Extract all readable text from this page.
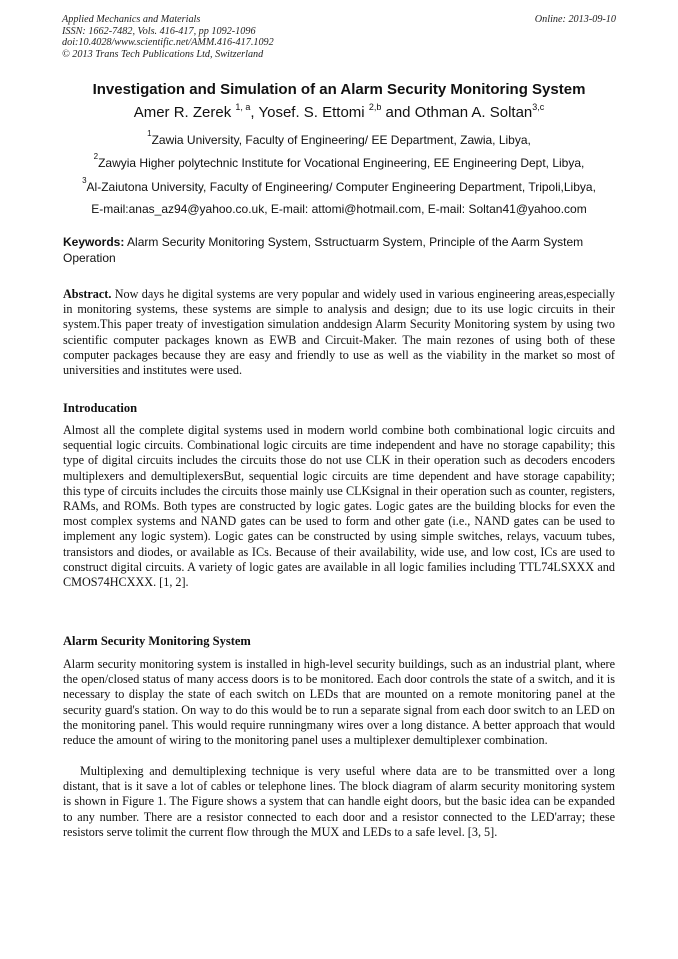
Applied Mechanics and Materials
ISSN: 1662-7482, Vols. 416-417, pp 1092-1096
doi:10.4028/www.scientific.net/AMM.416-417.1092
© 2013 Trans Tech Publications Ltd, Switzerland
Online: 2013-09-10
Investigation and Simulation of an Alarm Security Monitoring System
Amer R. Zerek $^{1, a}$, Yosef. S. Ettomi $^{2,b}$ and Othman A. Soltan$^{3,c}$
$^1$Zawia University, Faculty of Engineering/ EE Department, Zawia, Libya,
$^2$Zawyia Higher polytechnic Institute for Vocational Engineering, EE Engineering Dept, Libya,
$^3$Al-Zaiutona University, Faculty of Engineering/ Computer Engineering Department, Tripoli,Libya,
E-mail:anas_az94@yahoo.co.uk, E-mail: attomi@hotmail.com, E-mail: Soltan41@yahoo.com
Keywords: Alarm Security Monitoring System, Sstructuarm System, Principle of the Aarm System Operation
Abstract. Now days he digital systems are very popular and widely used in various engineering areas,especially in monitoring systems, these systems are simple to analysis and design; due to its use logic circuits in their system.This paper treaty of investigation simulation anddesign Alarm Security Monitoring system by using two scientific computer packages known as EWB and Circuit-Maker. The main rezones of using both of these computer packages because they are easy and friendly to use as well as the viability in the market so most of universities and institutes were used.
Introducation
Almost all the complete digital systems used in modern world combine both combinational logic circuits and sequential logic circuits. Combinational logic circuits are time independent and have no storage capability; this type of digital circuits includes the circuits those do not use CLK in their operation such as decoders encoders multiplexers and demultiplexersBut, sequential logic circuits are time dependent and have storage capability; this type of circuits includes the circuits those mainly use CLKsignal in their operation such as counter, registers, RAMs, and ROMs. Both types are constructed by logic gates. Logic gates are the building blocks for even the most complex systems and NAND gates can be used to form and other gate (i.e., NAND gates can be used to implement any logic system). Logic gates can be constructed by using simple switches, relays, vacuum tubes, transistors and diodes, or available as ICs. Because of their availability, wide use, and low cost, ICs are used to construct digital circuits. A variety of logic gates are available in all logic families including TTL74LSXXX and CMOS74HCXXX. [1, 2].
Alarm Security Monitoring System
Alarm security monitoring system is installed in high-level security buildings, such as an industrial plant, where the open/closed status of many access doors is to be monitored. Each door controls the state of a switch, and it is necessary to display the state of each switch on LEDs that are mounted on a remote monitoring panel at the security guard's station. On way to do this would be to run a separate signal from each door switch to an LED on the monitoring panel. This would require runningmany wires over a long distance. A better approach that would reduce the amount of wiring to the monitoring panel uses a multiplexer demultiplexer combination.
Multiplexing and demultiplexing technique is very useful where data are to be transmitted over a long distant, that is it save a lot of cables or telephone lines. The block diagram of alarm security monitoring system is shown in Figure 1. The Figure shows a system that can handle eight doors, but the basic idea can be expanded to any number. There are a resistor connected to each door and a resistor connected to the LED'array; these resistors serve tolimit the current flow through the MUX and LEDs to a safe level. [3, 5].
